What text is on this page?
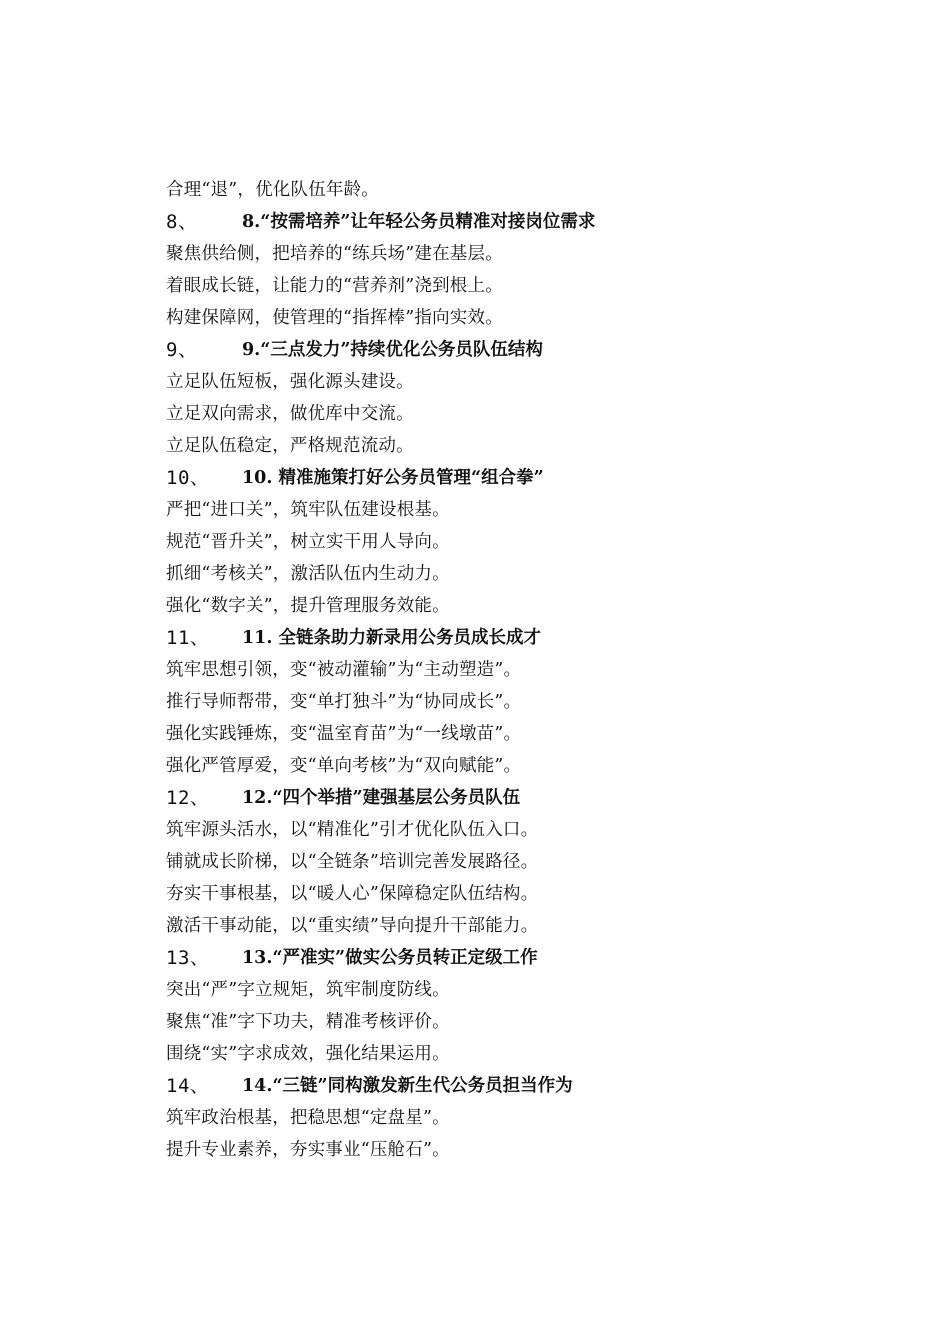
合理“退”，优化队伍年龄。
8、	8.“按需培养”让年轻公务员精准对接岗位需求
聚焦供给侧，把培养的“练兵场”建在基层。
着眼成长链，让能力的“营养剂”浇到根上。
构建保障网，使管理的“指挥棒”指向实效。
9、	9.“三点发力”持续优化公务员队伍结构
立足队伍短板，强化源头建设。
立足双向需求，做优库中交流。
立足队伍稳定，严格规范流动。
10、 10. 精准施策打好公务员管理“组合拳”
严把“进口关”，筑牢队伍建设根基。
规范“晋升关”，树立实干用人导向。
抓细“考核关”，激活队伍内生动力。
强化“数字关”，提升管理服务效能。
11、 11. 全链条助力新录用公务员成长成才
筑牢思想引领，变“被动灌输”为“主动塑造”。
推行导师帮带，变“单打独斗”为“协同成长”。
强化实践锤炼，变“温室育苗”为“一线墩苗”。
强化严管厚爱，变“单向考核”为“双向赋能”。
12、 12.“四个举措”建强基层公务员队伍
筑牢源头活水，以“精准化”引才优化队伍入口。
铺就成长阶梯，以“全链条”培训完善发展路径。
夯实干事根基，以“暖人心”保障稳定队伍结构。
激活干事动能，以“重实绩”导向提升干部能力。
13、 13.“严准实”做实公务员转正定级工作
突出“严”字立规矩，筑牢制度防线。
聚焦“准”字下功夫，精准考核评价。
围绕“实”字求成效，强化结果运用。
14、 14.“三链”同构激发新生代公务员担当作为
筑牢政治根基，把稳思想“定盘星”。
提升专业素养，夯实事业“压舱石”。
